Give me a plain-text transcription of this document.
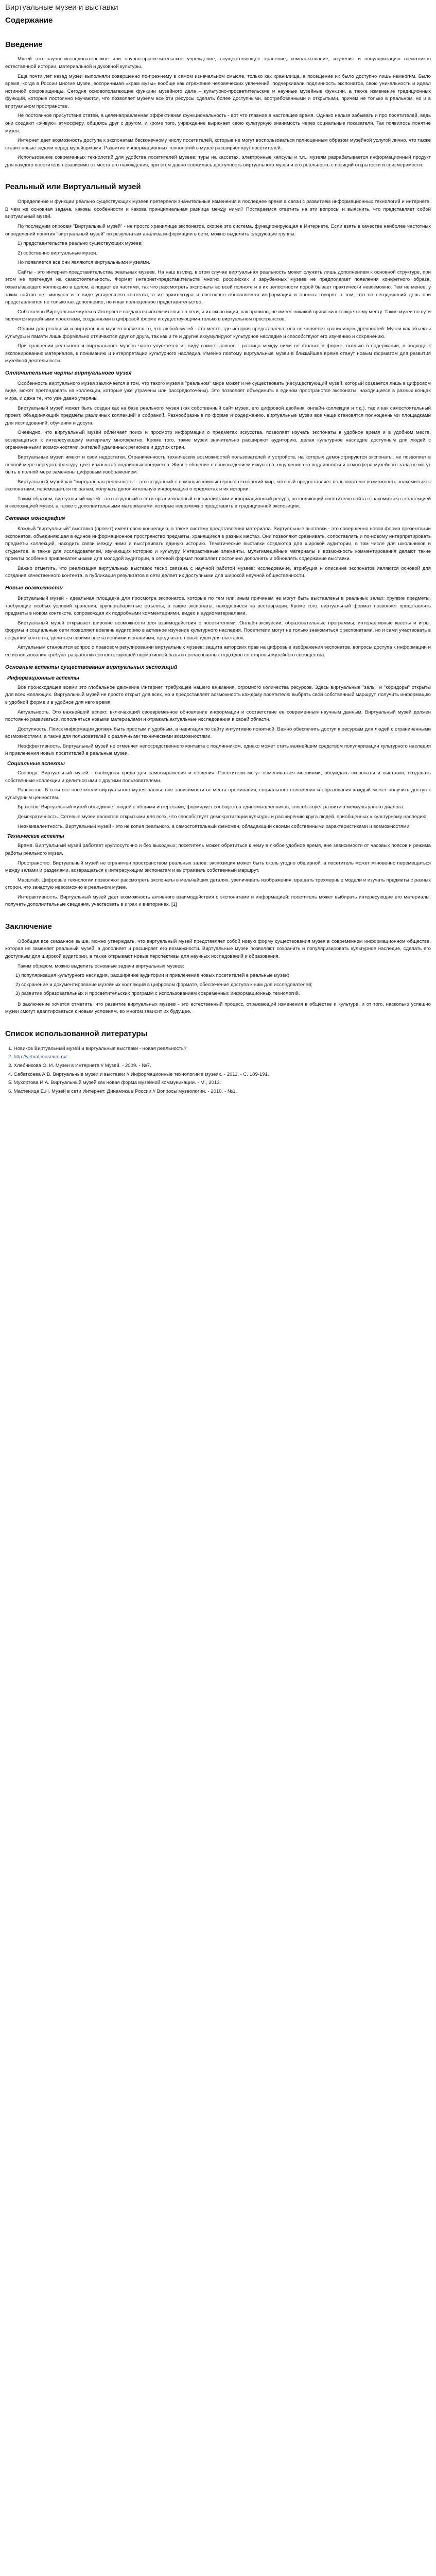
Виртуальные музеи и выставки
Содержание
Введение

Музей это научно-исследовательское или научно-просветительское учреждение, осуществляющее хранение, комплектование, изучение и популяризацию памятников естественной истории, материальной и духовной культуры.

Еще почти лет назад музеи выполняли совершенно по-прежнему в самом изначальном смысле, только как хранилища, а посещение их было доступно лишь немногим. Было время, когда в России многие музеи, воспринимая «храм музы» вообще как отражение человеческих увлечений, подчеркивали подлинность экспонатов, свою уникальность и идеал истинной сокровищницы. Сегодня основополагающие функции музейного дела – культурно-просветительские и научные музейные функции, а также изменение традиционных функций, которые постоянно изучаются, что позволяет музеям все эти ресурсы сделать более доступными, востребованными и открытыми, причем не только в реальном, но и в виртуальном пространстве.

Не постоянное присутствие статей, а целенаправленная эффективная функциональность - вот что главное в настоящее время. Однако нельзя забывать и про посетителей, ведь они создают «живую» атмосферу, общаясь друг с другом, и кроме того, учреждение выражает свою культурную значимость через социальные показатели. Так появилось понятие музея.

Интернет дает возможность доступа к экспонатам бесконечному числу посетителей, которые не могут воспользоваться полноценным образом музейной услугой лично, что также ставит новые задачи перед музейщиками. Развитие информационных технологий в музее расширяет круг посетителей.

Использование современных технологий для удобства посетителей музеев: туры на кассетах, электронные капсулы и т.п., музеям разрабатывается информационный продукт для каждого посетителя независимо от места его нахождения, при этом давно сложилась доступность виртуального музея и его реальность с позиций открытости и соизмеримости.

Реальный или Виртуальный музей

Определение и функции реально существующих музеев претерпели значительные изменения в последнее время в связи с развитием информационных технологий и интернета. В чем же основная задача, каковы особенности и какова принципиальная разница между ними? Постараемся ответить на эти вопросы и выяснить, что представляет собой виртуальный музей.

По последним опросам "Виртуальный музей" - не просто хранилище экспонатов, скорее это система, функционирующая в Интернете. Если взять в качестве наиболее частотных определений понятия "виртуальный музей" по результатам анализа информации в сети, можно выделить следующие группы:

1) представительства реально существующих музеев;

2) собственно виртуальные музеи.

Но появляется все они являются виртуальными музеями.

Сайты - это интернет-представительства реальных музеев. На наш взгляд, в этом случае виртуальная реальность может служить лишь дополнением к основной структуре, при этом не претендуя на самостоятельность. Формат интернет-представительств многих российских и зарубежных музеев не предполагает появления конкретного образа, охватывающего коллекцию в целом, а подает ее частями, так что рассмотреть экспонаты во всей полноте и в их целостности порой бывает практически невозможно. Тем не менее, у таких сайтов нет минусов и в виде устаревшего контента, а их архитектура и постоянно обновляемая информация и анонсы говорят о том, что на сегодняшний день они представляются не только как дополнение, но и как полноценное представительство.

Собственно Виртуальные музеи в Интернете создаются исключительно в сети, и их экспозиция, как правило, не имеет никакой привязки к конкретному месту. Такие музеи по сути являются музейными проектами, созданными в цифровой форме и существующими только в виртуальном пространстве.

Общим для реальных и виртуальных музеев является то, что любой музей - это место, где история представлена, она не является хранилищем древностей. Музеи как объекты культуры и памяти лишь формально отличаются друг от друга, так как и те и другие аккумулируют культурное наследие и способствуют его изучению и сохранению.

При сравнении реального и виртуального музеев часто упускается из виду самое главное - разница между ними не столько в форме, сколько в содержании, в подходе к экспонированию материалов, к пониманию и интерпретации культурного наследия. Именно поэтому виртуальные музеи в ближайшее время станут новым форматом для развития музейной деятельности.

Отличительные черты виртуального музея

Особенность виртуального музея заключается в том, что такого музея в "реальном" мире может и не существовать (несуществующий музей, который создается лишь в цифровом виде, может претендовать на коллекции, которые уже утрачены или рассредоточены). Это позволяет объединить в едином пространстве экспонаты, находящиеся в разных концах мира, и даже те, что уже давно утеряны.

Виртуальный музей может быть создан как на базе реального музея (как собственный сайт музея, его цифровой двойник, онлайн-коллекция и т.д.), так и как самостоятельный проект, объединяющий предметы различных коллекций и собраний. Разнообразные по форме и содержанию, виртуальные музеи все чаще становятся полноценными площадками для исследований, обучения и досуга.

Очевидно, что виртуальный музей облегчает поиск и просмотр информации о предметах искусства, позволяет изучать экспонаты в удобное время и в удобном месте, возвращаться к интересующему материалу многократно. Кроме того, такие музеи значительно расширяют аудиторию, делая культурное наследие доступным для людей с ограниченными возможностями, жителей удаленных регионов и других стран.

Виртуальные музеи имеют и свои недостатки. Ограниченность технических возможностей пользователей и устройств, на которых демонстрируются экспонаты, не позволяет в полной мере передать фактуру, цвет и масштаб подлинных предметов. Живое общение с произведением искусства, ощущение его подлинности и атмосфера музейного зала не могут быть в полной мере заменены цифровым изображением.

Виртуальный музей как "виртуальная реальность" - это созданный с помощью компьютерных технологий мир, который предоставляет пользователю возможность знакомиться с экспонатами, перемещаться по залам, получать дополнительную информацию о предметах и их истории.

Таким образом, виртуальный музей - это созданный в сети организованный специалистами информационный ресурс, позволяющий посетителю сайта ознакомиться с коллекцией и экспозицией музея, а также с дополнительными материалами, которые невозможно представить в традиционной экспозиции.

Сетевая монография

Каждый "виртуальный" выставка (проект) имеет свою концепцию, а также систему представления материала. Виртуальные выставки - это совершенно новая форма презентации экспонатов, объединяющая в единое информационное пространство предметы, хранящиеся в разных местах. Они позволяют сравнивать, сопоставлять и по-новому интерпретировать предметы коллекций, находить связи между ними и выстраивать единую историю. Тематические выставки создаются для широкой аудитории, в том числе для школьников и студентов, а также для исследователей, изучающих историю и культуру. Интерактивные элементы, мультимедийные материалы и возможность комментирования делают такие проекты особенно привлекательными для молодой аудитории, а сетевой формат позволяет постоянно дополнять и обновлять содержание выставки.

Важно отметить, что реализация виртуальных выставок тесно связана с научной работой музеев: исследование, атрибуция и описание экспонатов являются основой для создания качественного контента, а публикация результатов в сети делает их доступными для широкой научной общественности.

Новые возможности

Виртуальный музей - идеальная площадка для просмотра экспонатов, которые по тем или иным причинам не могут быть выставлены в реальных залах: хрупкие предметы, требующие особых условий хранения, крупногабаритные объекты, а также экспонаты, находящиеся на реставрации. Кроме того, виртуальный формат позволяет представлять предметы в новом контексте, сопровождая их подробными комментариями, видео и аудиоматериалами.

Виртуальный музей открывает широкие возможности для взаимодействия с посетителями. Онлайн-экскурсии, образовательные программы, интерактивные квесты и игры, форумы и социальные сети позволяют вовлечь аудиторию в активное изучение культурного наследия. Посетители могут не только знакомиться с экспонатами, но и сами участвовать в создании контента, делиться своими впечатлениями и знаниями, предлагать новые идеи для выставок.

Актуальным становится вопрос о правовом регулировании виртуальных музеев: защита авторских прав на цифровые изображения экспонатов, вопросы доступа к информации и ее использования требуют разработки соответствующей нормативной базы и согласованных подходов со стороны музейного сообщества.

Основные аспекты существования виртуальных экспозиций
Информационные аспекты

Всё происходящее всеми это глобальное движение Интернет, требующее нашего внимания, огромного количества ресурсов. Здесь виртуальные "залы" и "коридоры" открыты для всех желающих. Виртуальный музей не просто открыт для всех, но и предоставляет возможность каждому посетителю выбрать свой собственный маршрут, получить информацию в удобной форме и в удобное для него время.

Актуальность. Это важнейший аспект, включающий своевременное обновление информации и соответствие ее современным научным данным. Виртуальный музей должен постоянно развиваться, пополняться новыми материалами и отражать актуальные исследования в своей области.

Доступность. Поиск информации должен быть простым и удобным, а навигация по сайту интуитивно понятной. Важно обеспечить доступ к ресурсам для людей с ограниченными возможностями, а также для пользователей с различными техническими возможностями.

Неэффективность. Виртуальный музей не отменяет непосредственного контакта с подлинником, однако может стать важнейшим средством популяризации культурного наследия и привлечения новых посетителей в реальные музеи.

Социальные аспекты

Свобода. Виртуальный музей - свободная среда для самовыражения и общения. Посетители могут обмениваться мнениями, обсуждать экспонаты и выставки, создавать собственные коллекции и делиться ими с другими пользователями.

Равенство. В сети все посетители виртуального музея равны: вне зависимости от места проживания, социального положения и образования каждый может получить доступ к культурным ценностям.

Братство. Виртуальный музей объединяет людей с общими интересами, формирует сообщества единомышленников, способствует развитию межкультурного диалога.

Демократичность. Сетевые музеи являются открытыми для всех, что способствует демократизации культуры и расширению круга людей, приобщенных к культурному наследию.

Неэквивалентность. Виртуальный музей - это не копия реального, а самостоятельный феномен, обладающий своими собственными характеристиками и возможностями.

Технические аспекты

Время. Виртуальный музей работает круглосуточно и без выходных; посетитель может обратиться к нему в любое удобное время, вне зависимости от часовых поясов и режима работы реального музея.

Пространство. Виртуальный музей не ограничен пространством реальных залов: экспозиция может быть сколь угодно обширной, а посетитель может мгновенно перемещаться между залами и разделами, возвращаться к интересующим экспонатам и выстраивать собственный маршрут.

Масштаб. Цифровые технологии позволяют рассмотреть экспонаты в мельчайших деталях, увеличивать изображения, вращать трехмерные модели и изучать предметы с разных сторон, что зачастую невозможно в реальном музее.

Интерактивность. Виртуальный музей дает возможность активного взаимодействия с экспонатами и информацией: посетитель может выбирать интересующие его материалы, получать дополнительные сведения, участвовать в играх и викторинах. [1]

Заключение

Обобщая все сказанное выше, можно утверждать, что виртуальный музей представляет собой новую форму существования музея в современном информационном обществе, которая не заменяет реальный музей, а дополняет и расширяет его возможности. Виртуальные музеи позволяют сохранить и популяризировать культурное наследие, сделать его доступным для широкой аудитории, а также открывают новые перспективы для научных исследований и образования.

Таким образом, можно выделить основные задачи виртуальных музеев:

1) популяризация культурного наследия, расширение аудитории и привлечение новых посетителей в реальные музеи;
2) сохранение и документирование музейных коллекций в цифровом формате, обеспечение доступа к ним для исследователей;
3) развитие образовательных и просветительских программ с использованием современных информационных технологий.

В заключение хочется отметить, что развитие виртуальных музеев - это естественный процесс, отражающий изменения в обществе и культуре, и от того, насколько успешно музеи смогут адаптироваться к новым условиям, во многом зависит их будущее.

Список использованной литературы
1. Новиков Виртуальный музей и виртуальные выставки - новая реальность?
2. http://virtual.museum.ru/
3. Хлебникова О. И. Музеи в Интернете // Музей. - 2009. - №7.
4. Сабаткоева А.В. Виртуальные музеи и выставки // Информационные технологии в музеях. - 2011. - С. 189-191.
5. Мухортова И.А. Виртуальный музей как новая форма музейной коммуникации. - М., 2013.
6. Мастеница Е.Н. Музей в сети Интернет: Динамика в России // Вопросы музеологии. - 2010. - №1.
